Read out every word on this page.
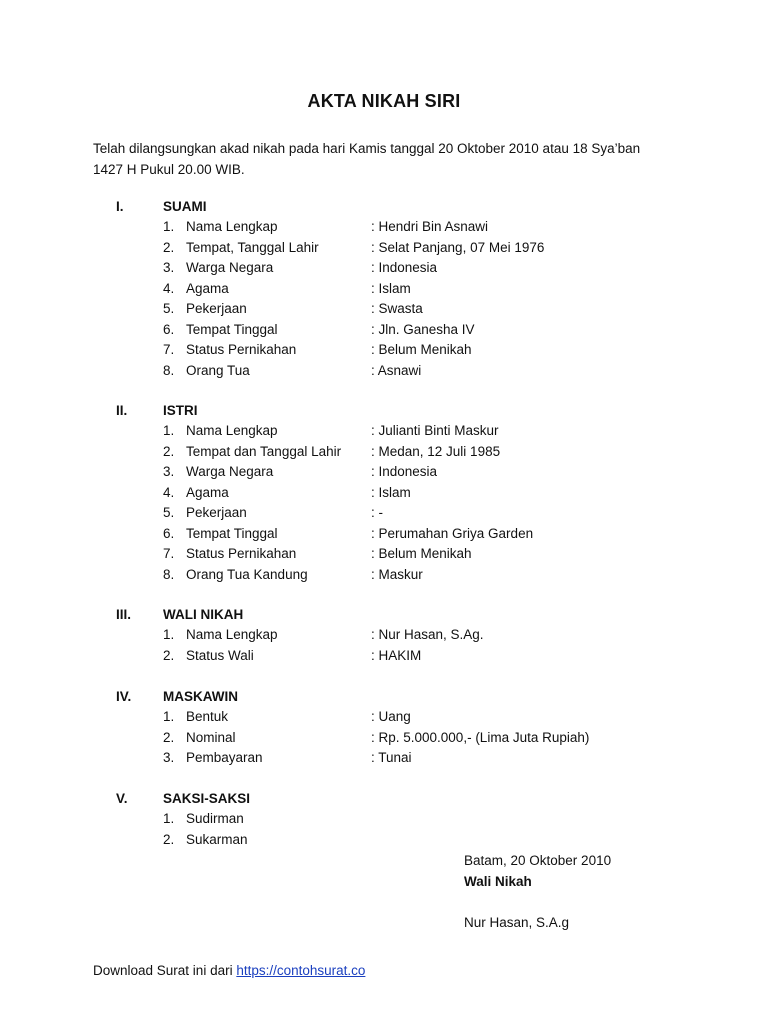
AKTA NIKAH SIRI
Telah dilangsungkan akad nikah pada hari Kamis tanggal 20 Oktober 2010 atau 18 Sya’ban 1427 H Pukul 20.00 WIB.
I.	SUAMI
1. Nama Lengkap	: Hendri Bin Asnawi
2. Tempat, Tanggal Lahir	: Selat Panjang, 07 Mei 1976
3. Warga Negara	: Indonesia
4. Agama	: Islam
5. Pekerjaan	: Swasta
6. Tempat Tinggal	: Jln. Ganesha IV
7. Status Pernikahan	: Belum Menikah
8. Orang Tua	: Asnawi
II.	ISTRI
1. Nama Lengkap	: Julianti Binti Maskur
2. Tempat dan Tanggal Lahir : Medan, 12 Juli 1985
3. Warga Negara	: Indonesia
4. Agama	: Islam
5. Pekerjaan	: -
6. Tempat Tinggal	: Perumahan Griya Garden
7. Status Pernikahan	: Belum Menikah
8. Orang Tua Kandung	: Maskur
III. WALI NIKAH
1. Nama Lengkap	: Nur Hasan, S.Ag.
2. Status Wali	: HAKIM
IV. MASKAWIN
1. Bentuk	: Uang
2. Nominal	: Rp. 5.000.000,- (Lima Juta Rupiah)
3. Pembayaran	: Tunai
V.	SAKSI-SAKSI
1. Sudirman
2. Sukarman
Batam, 20 Oktober 2010
Wali Nikah
Nur Hasan, S.A.g
Download Surat ini dari https://contohsurat.co
